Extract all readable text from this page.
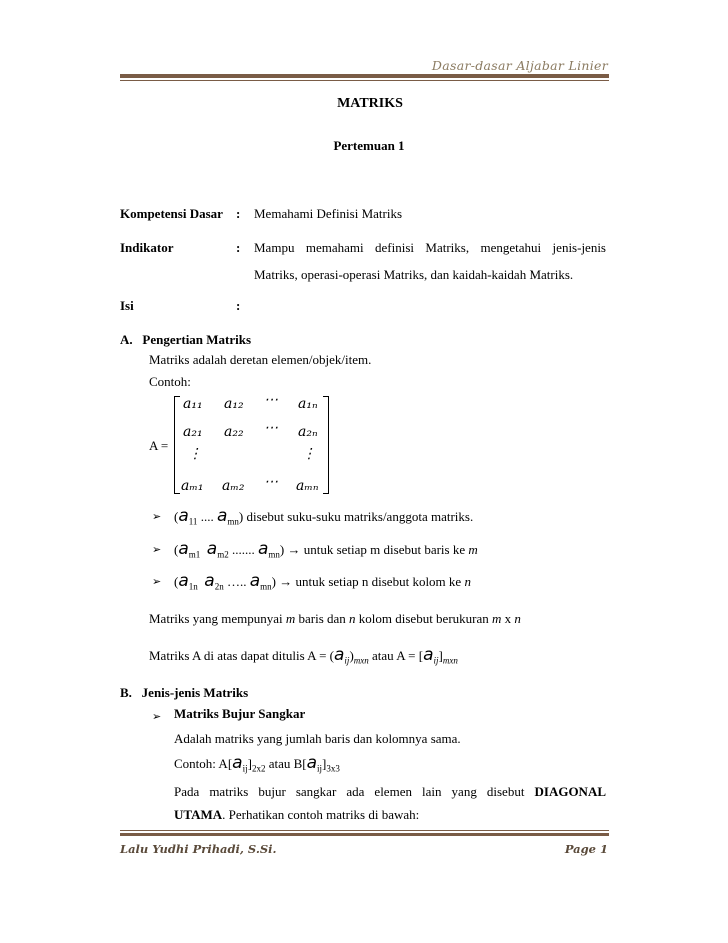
Dasar-dasar Aljabar Linier
MATRIKS
Pertemuan 1
Kompetensi Dasar : Memahami Definisi Matriks
Indikator	: Mampu memahami definisi Matriks, mengetahui jenis-jenis
Matriks, operasi-operasi Matriks, dan kaidah-kaidah Matriks.
Isi	:
A.   Pengertian Matriks
Matriks adalah deretan elemen/objek/item.
Contoh:
A =
a₁₁ a₁₂ ⋯ a₁ₙ
a₂₁ a₂₂ ⋯ a₂ₙ
⋮	⋮
aₘ₁ aₘ₂ ⋯ aₘₙ
➢ ($a_{11}$ .... $a_{mn}$) disebut suku-suku matriks/anggota matriks.
➢ ($a_{m1}$ $a_{m2}$ ....... $a_{mn}$) → untuk setiap m disebut baris ke m
➢ ($a_{1n}$ $a_{2n}$ ….. $a_{mn}$) → untuk setiap n disebut kolom ke n
Matriks yang mempunyai m baris dan n kolom disebut berukuran m x n
Matriks A di atas dapat ditulis $A = (a_{ij})_{mxn}$ atau $A = [a_{ij}]_{mxn}$
B.   Jenis-jenis Matriks
➢ Matriks Bujur Sangkar
Adalah matriks yang jumlah baris dan kolomnya sama.
Contoh: $A[a_{ij}]_{2x2}$ atau $B[a_{ij}]_{3x3}$
Pada matriks bujur sangkar ada elemen lain yang disebut DIAGONAL
UTAMA. Perhatikan contoh matriks di bawah:
Lalu Yudhi Prihadi, S.Si.	Page 1
